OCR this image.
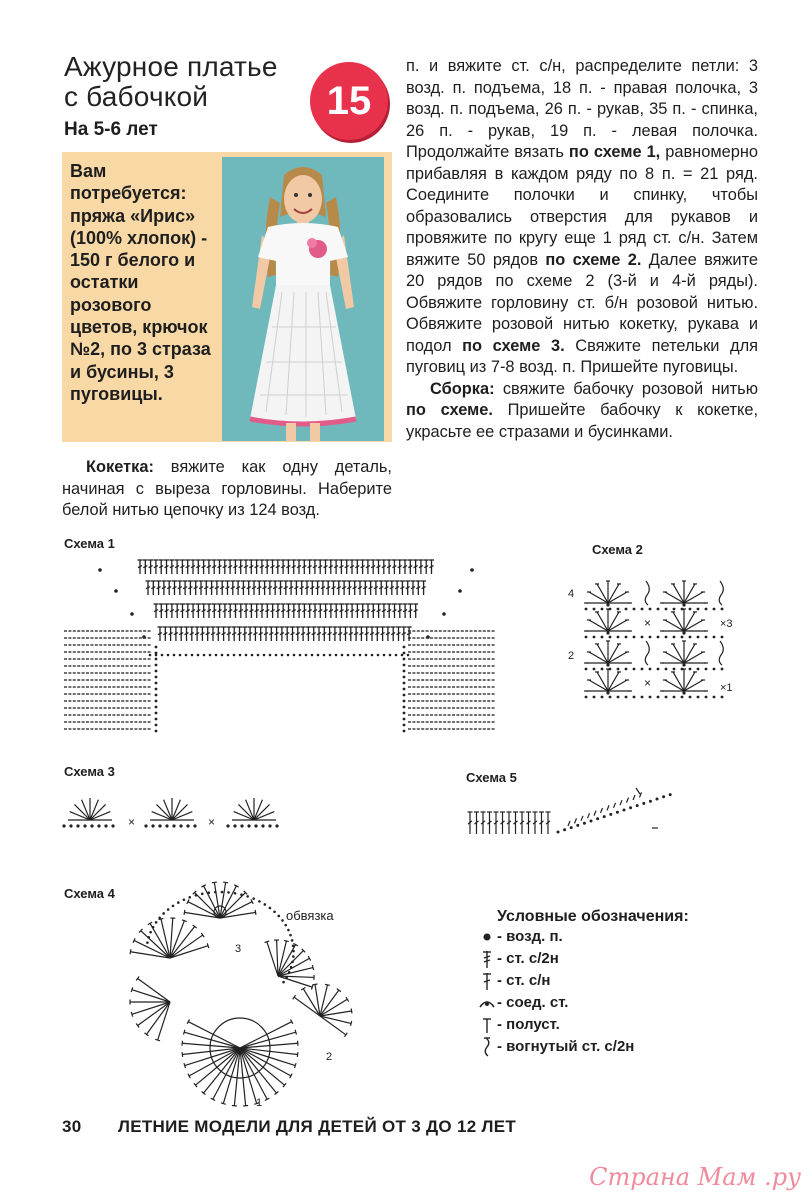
Ажурное платье
с бабочкой	15
На 5-6 лет
Вам потребуется: пряжа «Ирис» (100% хлопок) - 150 г белого и остатки розового цветов, крючок №2, по 3 страза и бусины, 3 пуговицы.

п. и вяжите ст. с/н, распределите петли: 3 возд. п. подъема, 18 п. - правая полочка, 3 возд. п. подъема, 26 п. - рукав, 35 п. - спинка, 26 п. - рукав, 19 п. - левая полочка. Продолжайте вязать по схеме 1, равномерно прибавляя в каждом ряду по 8 п. = 21 ряд. Соедините полочки и спинку, чтобы образовались отверстия для рукавов и провяжите по кругу еще 1 ряд ст. с/н. Затем вяжите 50 рядов по схеме 2. Далее вяжите 20 рядов по схеме 2 (3-й и 4-й ряды). Обвяжите горловину ст. б/н розовой нитью. Обвяжите розовой нитью кокетку, рукава и подол по схеме 3. Свяжите петельки для пуговиц из 7-8 возд. п. Пришейте пуговицы.

Сборка: свяжите бабочку розовой нитью по схеме. Пришейте бабочку к кокетке, украсьте ее стразами и бусинками.

Кокетка: вяжите как одну деталь, начиная с выреза горловины. Наберите белой нитью цепочку из 124 возд.

Схема 1	Схема 2
Схема 3	Схема 5
Схема 4
×
×
4
×3
2
×1
×	×
обвязка
3
2
1
Условные обозначения:
- возд. п.
- ст. с/2н
- ст. с/н
- соед. ст.
- полуст.
- вогнутый ст. с/2н
30 ЛЕТНИЕ МОДЕЛИ ДЛЯ ДЕТЕЙ ОТ 3 ДО 12 ЛЕТ
Страна Мам .ру
